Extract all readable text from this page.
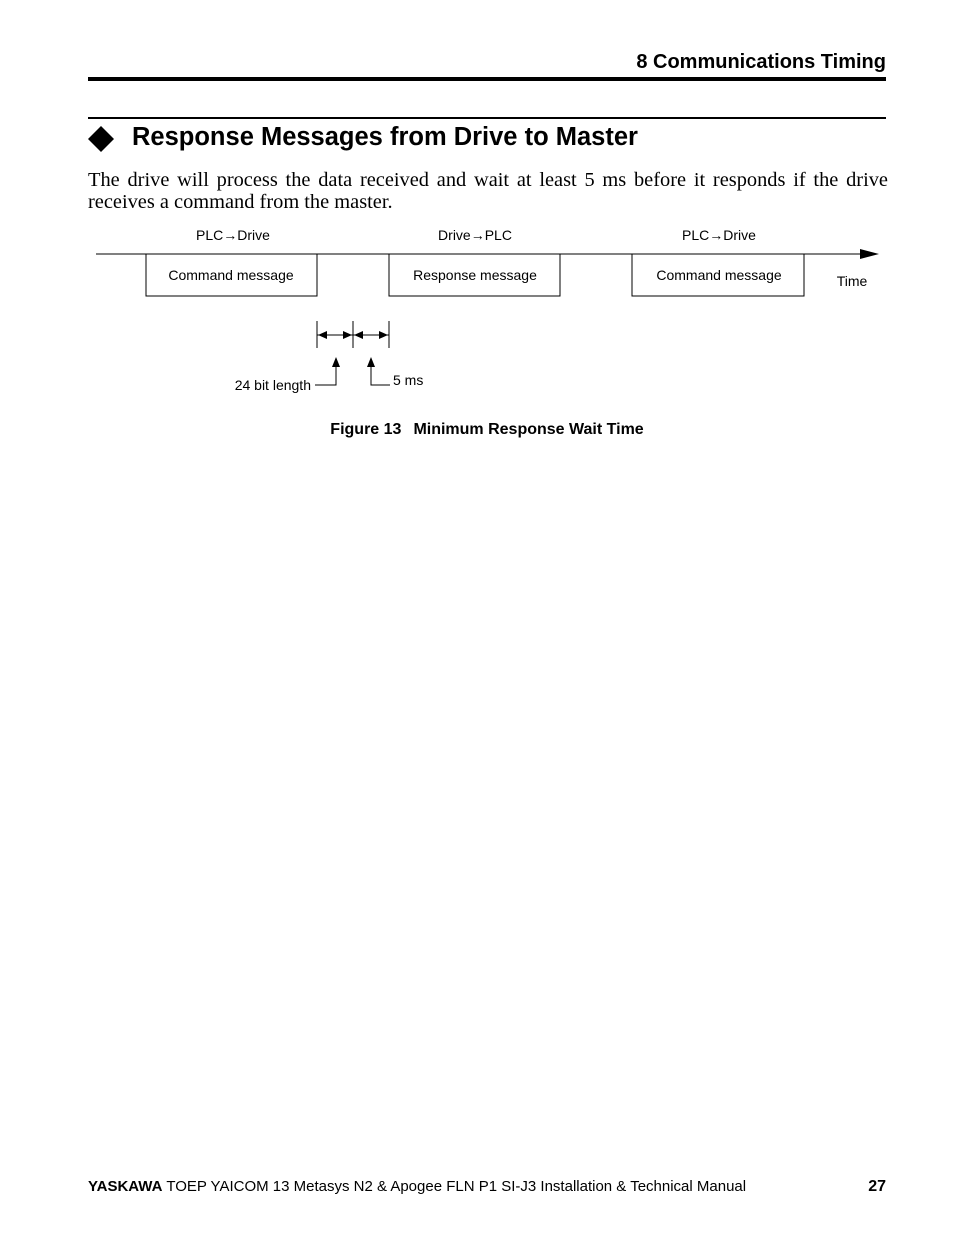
8 Communications Timing
Response Messages from Drive to Master
The drive will process the data received and wait at least 5 ms before it responds if the drive receives a command from the master.
PLC→Drive	Drive→PLC	PLC→Drive
Command message	Response message	Command message	Time
24 bit length	5 ms
Figure 13 Minimum Response Wait Time
YASKAWA TOEP YAICOM 13 Metasys N2 & Apogee FLN P1 SI-J3 Installation & Technical Manual	27
